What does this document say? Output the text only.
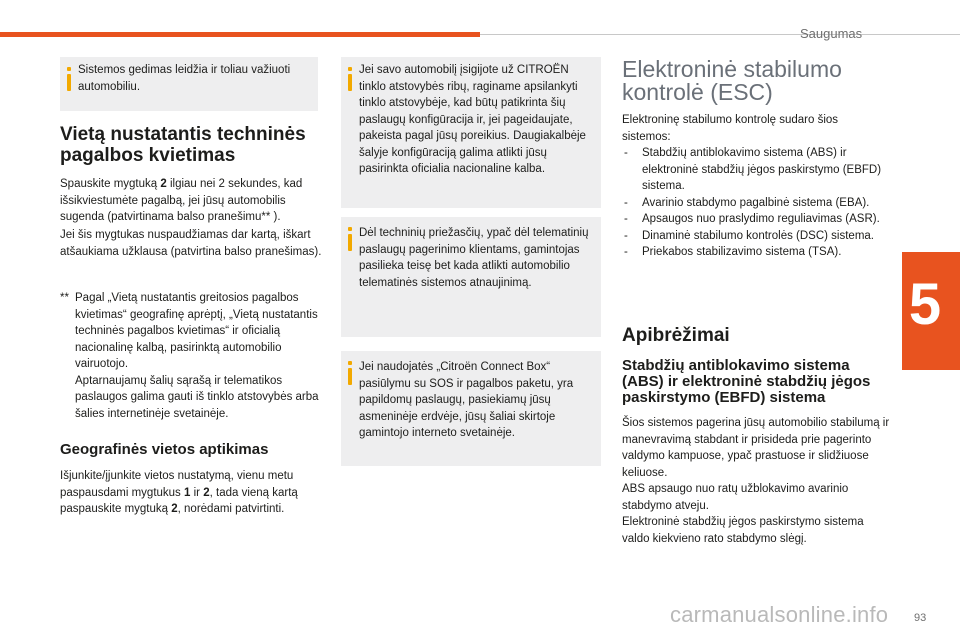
Saugumas
5
Sistemos gedimas leidžia ir toliau važiuoti automobiliu.
Vietą nustatantis techninės pagalbos kvietimas
Spauskite mygtuką 2 ilgiau nei 2 sekundes, kad išsikviestumėte pagalbą, jei jūsų automobilis sugenda (patvirtinama balso pranešimu** ).
Jei šis mygtukas nuspaudžiamas dar kartą, iškart atšaukiama užklausa (patvirtina balso pranešimas).
** Pagal „Vietą nustatantis greitosios pagalbos kvietimas“ geografinę aprėptį, „Vietą nustatantis techninės pagalbos kvietimas“ ir oficialią nacionalinę kalbą, pasirinktą automobilio vairuotojo.
Aptarnaujamų šalių sąrašą ir telematikos paslaugos galima gauti iš tinklo atstovybės arba šalies internetinėje svetainėje.
Geografinės vietos aptikimas
Išjunkite/įjunkite vietos nustatymą, vienu metu paspausdami mygtukus 1 ir 2, tada vieną kartą paspauskite mygtuką 2, norėdami patvirtinti.
Jei savo automobilį įsigijote už CITROËN tinklo atstovybės ribų, raginame apsilankyti tinklo atstovybėje, kad būtų patikrinta šių paslaugų konfigūracija ir, jei pageidaujate, pakeista pagal jūsų poreikius. Daugiakalbėje šalyje konfigūraciją galima atlikti jūsų pasirinkta oficialia nacionaline kalba.
Dėl techninių priežasčių, ypač dėl telematinių paslaugų pagerinimo klientams, gamintojas pasilieka teisę bet kada atlikti automobilio telematinės sistemos atnaujinimą.
Jei naudojatės „Citroën Connect Box“ pasiūlymu su SOS ir pagalbos paketu, yra papildomų paslaugų, pasiekiamų jūsų asmeninėje erdvėje, jūsų šaliai skirtoje gamintojo interneto svetainėje.
Elektroninė stabilumo kontrolė (ESC)
Elektroninę stabilumo kontrolę sudaro šios sistemos:
- Stabdžių antiblokavimo sistema (ABS) ir elektroninė stabdžių jėgos paskirstymo (EBFD) sistema.
- Avarinio stabdymo pagalbinė sistema (EBA).
- Apsaugos nuo praslydimo reguliavimas (ASR).
- Dinaminė stabilumo kontrolės (DSC) sistema.
- Priekabos stabilizavimo sistema (TSA).
Apibrėžimai
Stabdžių antiblokavimo sistema (ABS) ir elektroninė stabdžių jėgos paskirstymo (EBFD) sistema
Šios sistemos pagerina jūsų automobilio stabilumą ir manevravimą stabdant ir prisideda prie pagerinto valdymo kampuose, ypač prastuose ir slidžiuose keliuose.
ABS apsaugo nuo ratų užblokavimo avarinio stabdymo atveju.
Elektroninė stabdžių jėgos paskirstymo sistema valdo kiekvieno rato stabdymo slėgį.
carmanualsonline.info 93
